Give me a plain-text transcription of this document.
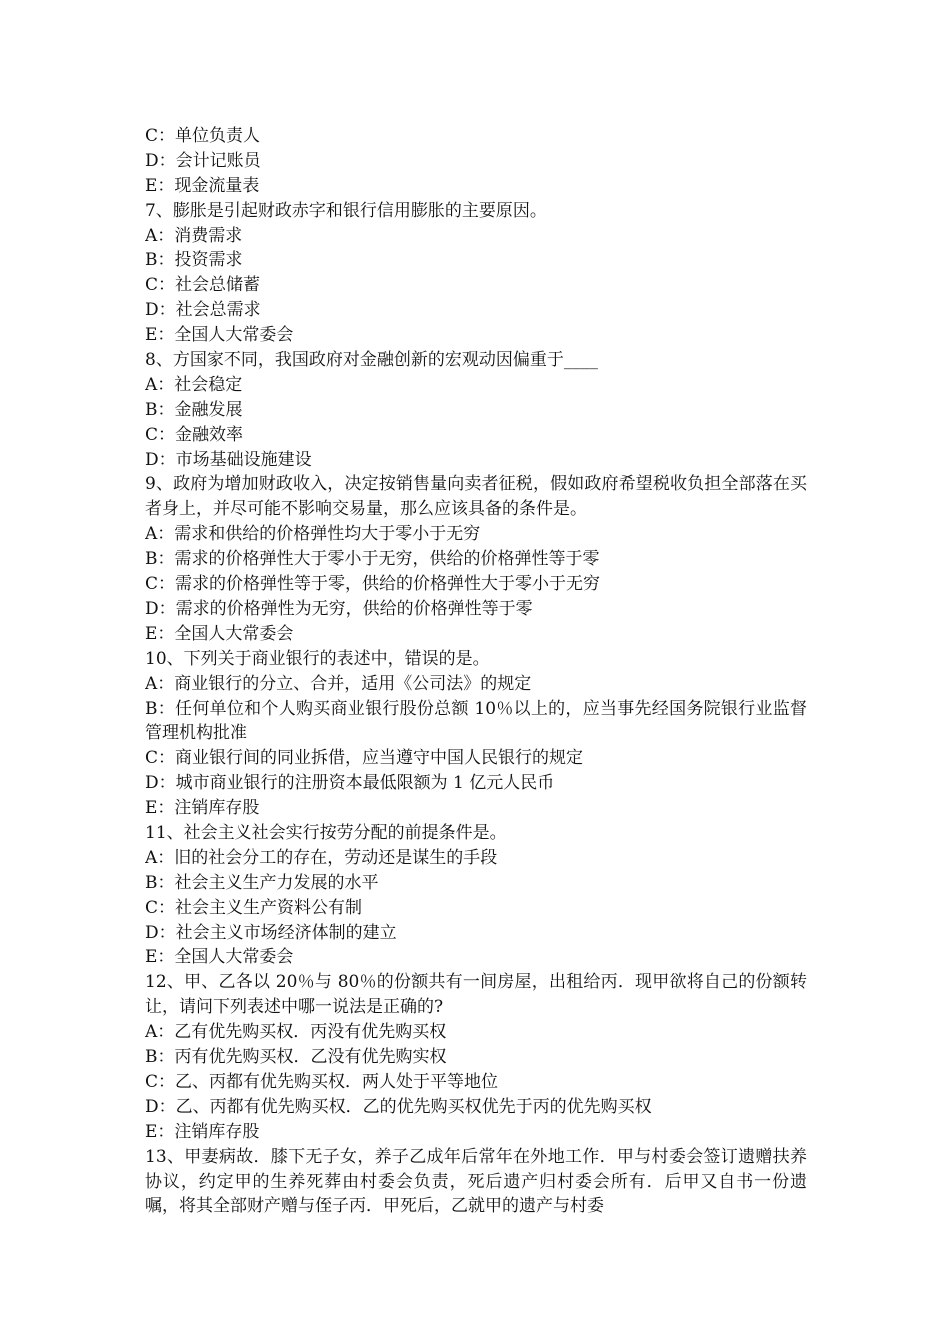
C：单位负责人
D：会计记账员
E：现金流量表
7、膨胀是引起财政赤字和银行信用膨胀的主要原因。
A：消费需求
B：投资需求
C：社会总储蓄
D：社会总需求
E：全国人大常委会
8、方国家不同，我国政府对金融创新的宏观动因偏重于____
A：社会稳定
B：金融发展
C：金融效率
D：市场基础设施建设
9、政府为增加财政收入，决定按销售量向卖者征税，假如政府希望税收负担全部落在买者身上，并尽可能不影响交易量，那么应该具备的条件是。
A：需求和供给的价格弹性均大于零小于无穷
B：需求的价格弹性大于零小于无穷，供给的价格弹性等于零
C：需求的价格弹性等于零，供给的价格弹性大于零小于无穷
D：需求的价格弹性为无穷，供给的价格弹性等于零
E：全国人大常委会
10、下列关于商业银行的表述中，错误的是。
A：商业银行的分立、合并，适用《公司法》的规定
B：任何单位和个人购买商业银行股份总额 10％以上的，应当事先经国务院银行业监督管理机构批准
C：商业银行间的同业拆借，应当遵守中国人民银行的规定
D：城市商业银行的注册资本最低限额为 1 亿元人民币
E：注销库存股
11、社会主义社会实行按劳分配的前提条件是。
A：旧的社会分工的存在，劳动还是谋生的手段
B：社会主义生产力发展的水平
C：社会主义生产资料公有制
D：社会主义市场经济体制的建立
E：全国人大常委会
12、甲、乙各以 20％与 80％的份额共有一间房屋，出租给丙．现甲欲将自己的份额转让，请问下列表述中哪一说法是正确的?
A：乙有优先购买权．丙没有优先购买权
B：丙有优先购买权．乙没有优先购实权
C：乙、丙都有优先购买权．两人处于平等地位
D：乙、丙都有优先购买权．乙的优先购买权优先于丙的优先购买权
E：注销库存股
13、甲妻病故．膝下无子女，养子乙成年后常年在外地工作．甲与村委会签订遗赠扶养协议，约定甲的生养死葬由村委会负责，死后遗产归村委会所有．后甲又自书一份遗嘱，将其全部财产赠与侄子丙．甲死后，乙就甲的遗产与村委
